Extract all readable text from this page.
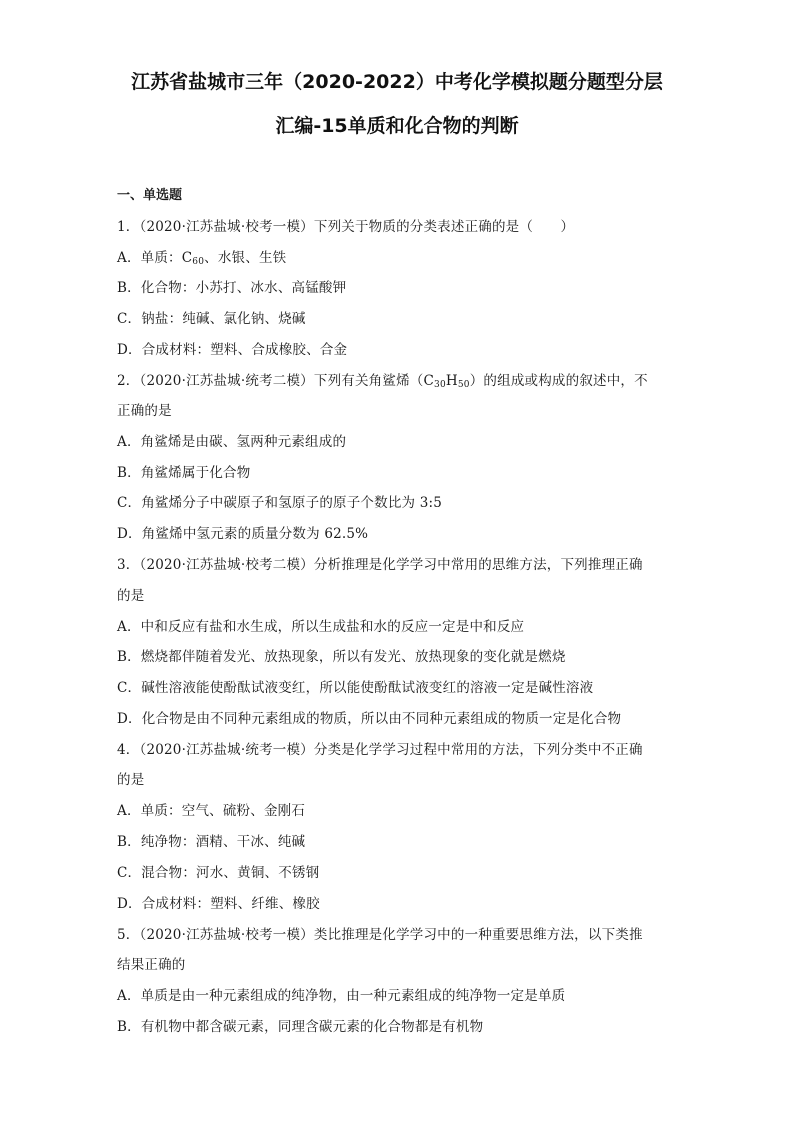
江苏省盐城市三年（2020-2022）中考化学模拟题分题型分层
汇编-15单质和化合物的判断
一、单选题
1．（2020·江苏盐城·校考一模）下列关于物质的分类表述正确的是（　　）
A．单质：$C_{60}$、水银、生铁
B．化合物：小苏打、冰水、高锰酸钾
C．钠盐：纯碱、氯化钠、烧碱
D．合成材料：塑料、合成橡胶、合金
2．（2020·江苏盐城·统考二模）下列有关角鲨烯$(C_{30}H_{50})$的组成或构成的叙述中，不
正确的是
A．角鲨烯是由碳、氢两种元素组成的
B．角鲨烯属于化合物
C．角鲨烯分子中碳原子和氢原子的原子个数比为 3:5
D．角鲨烯中氢元素的质量分数为 62.5%
3．（2020·江苏盐城·校考二模）分析推理是化学学习中常用的思维方法，下列推理正确
的是
A．中和反应有盐和水生成，所以生成盐和水的反应一定是中和反应
B．燃烧都伴随着发光、放热现象，所以有发光、放热现象的变化就是燃烧
C．碱性溶液能使酚酞试液变红，所以能使酚酞试液变红的溶液一定是碱性溶液
D．化合物是由不同种元素组成的物质，所以由不同种元素组成的物质一定是化合物
4．（2020·江苏盐城·统考一模）分类是化学学习过程中常用的方法，下列分类中不正确
的是
A．单质：空气、硫粉、金刚石
B．纯净物：酒精、干冰、纯碱
C．混合物：河水、黄铜、不锈钢
D．合成材料：塑料、纤维、橡胶
5．（2020·江苏盐城·校考一模）类比推理是化学学习中的一种重要思维方法，以下类推
结果正确的
A．单质是由一种元素组成的纯净物，由一种元素组成的纯净物一定是单质
B．有机物中都含碳元素，同理含碳元素的化合物都是有机物
